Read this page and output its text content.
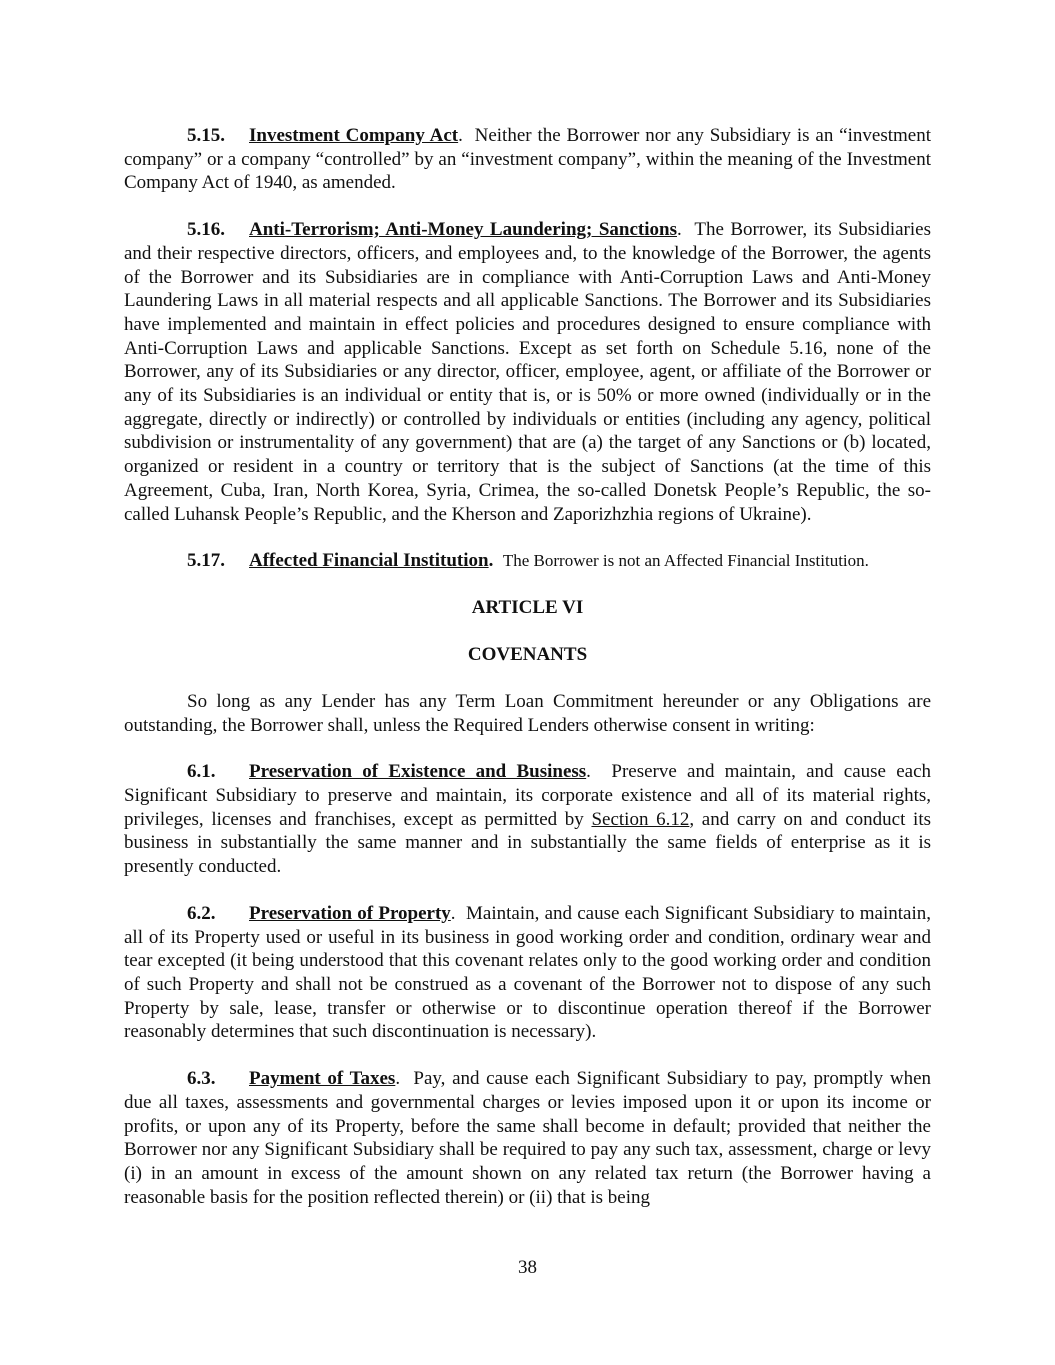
5.15. Investment Company Act. Neither the Borrower nor any Subsidiary is an “investment company” or a company “controlled” by an “investment company”, within the meaning of the Investment Company Act of 1940, as amended.

5.16. Anti-Terrorism; Anti-Money Laundering; Sanctions. The Borrower, its Subsidiaries and their respective directors, officers, and employees and, to the knowledge of the Borrower, the agents of the Borrower and its Subsidiaries are in compliance with Anti-Corruption Laws and Anti-Money Laundering Laws in all material respects and all applicable Sanctions. The Borrower and its Subsidiaries have implemented and maintain in effect policies and procedures designed to ensure compliance with Anti-Corruption Laws and applicable Sanctions. Except as set forth on Schedule 5.16, none of the Borrower, any of its Subsidiaries or any director, officer, employee, agent, or affiliate of the Borrower or any of its Subsidiaries is an individual or entity that is, or is 50% or more owned (individually or in the aggregate, directly or indirectly) or controlled by individuals or entities (including any agency, political subdivision or instrumentality of any government) that are (a) the target of any Sanctions or (b) located, organized or resident in a country or territory that is the subject of Sanctions (at the time of this Agreement, Cuba, Iran, North Korea, Syria, Crimea, the so-called Donetsk People’s Republic, the so-called Luhansk People’s Republic, and the Kherson and Zaporizhzhia regions of Ukraine).

5.17. Affected Financial Institution. The Borrower is not an Affected Financial Institution.

ARTICLE VI
COVENANTS

So long as any Lender has any Term Loan Commitment hereunder or any Obligations are outstanding, the Borrower shall, unless the Required Lenders otherwise consent in writing:

6.1. Preservation of Existence and Business. Preserve and maintain, and cause each Significant Subsidiary to preserve and maintain, its corporate existence and all of its material rights, privileges, licenses and franchises, except as permitted by Section 6.12, and carry on and conduct its business in substantially the same manner and in substantially the same fields of enterprise as it is presently conducted.

6.2. Preservation of Property. Maintain, and cause each Significant Subsidiary to maintain, all of its Property used or useful in its business in good working order and condition, ordinary wear and tear excepted (it being understood that this covenant relates only to the good working order and condition of such Property and shall not be construed as a covenant of the Borrower not to dispose of any such Property by sale, lease, transfer or otherwise or to discontinue operation thereof if the Borrower reasonably determines that such discontinuation is necessary).

6.3. Payment of Taxes. Pay, and cause each Significant Subsidiary to pay, promptly when due all taxes, assessments and governmental charges or levies imposed upon it or upon its income or profits, or upon any of its Property, before the same shall become in default; provided that neither the Borrower nor any Significant Subsidiary shall be required to pay any such tax, assessment, charge or levy (i) in an amount in excess of the amount shown on any related tax return (the Borrower having a reasonable basis for the position reflected therein) or (ii) that is being

38
